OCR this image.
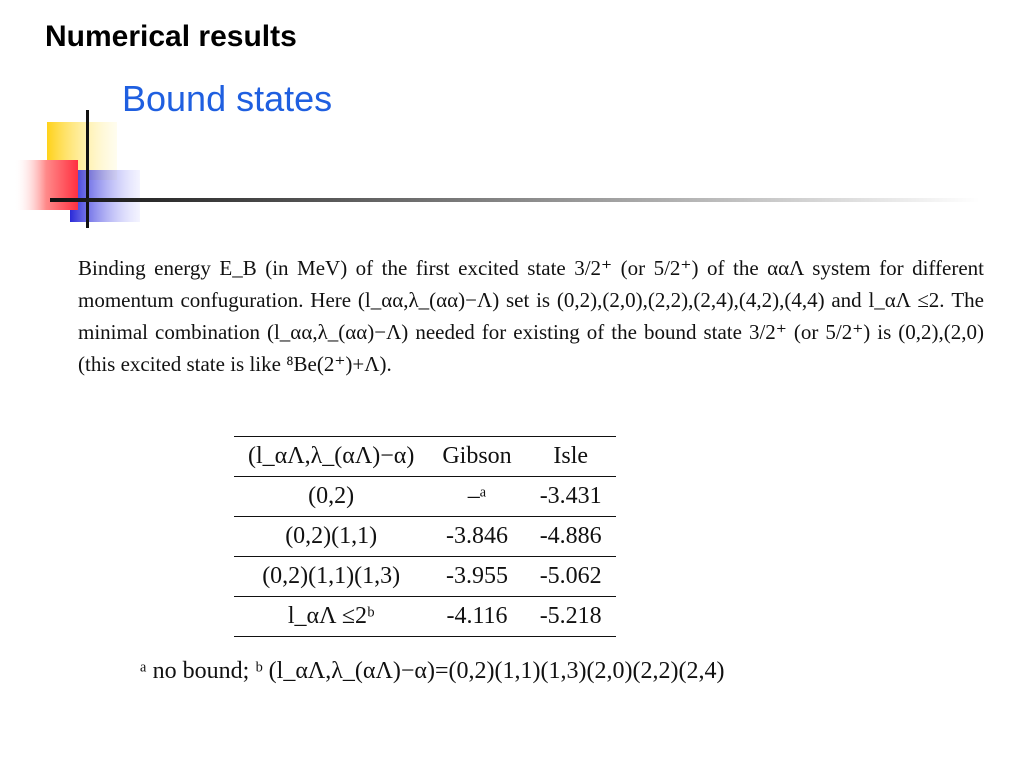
Numerical results
Bound states
Binding energy E_B (in MeV) of the first excited state 3/2⁺ (or 5/2⁺) of the ααΛ system for different momentum confuguration. Here (l_αα,λ_(αα)−Λ) set is (0,2),(2,0),(2,2),(2,4),(4,2),(4,4) and l_αΛ ≤2. The minimal combination (l_αα,λ_(αα)−Λ) needed for existing of the bound state 3/2⁺ (or 5/2⁺) is (0,2),(2,0) (this excited state is like ⁸Be(2⁺)+Λ).
(l_αΛ,λ_(αΛ)−α)	Gibson	Isle
(0,2)	–ᵃ	-3.431
(0,2)(1,1)	-3.846	-4.886
(0,2)(1,1)(1,3)	-3.955	-5.062
l_αΛ ≤2ᵇ	-4.116	-5.218
ᵃ no bound; ᵇ (l_αΛ,λ_(αΛ)−α)=(0,2)(1,1)(1,3)(2,0)(2,2)(2,4)
